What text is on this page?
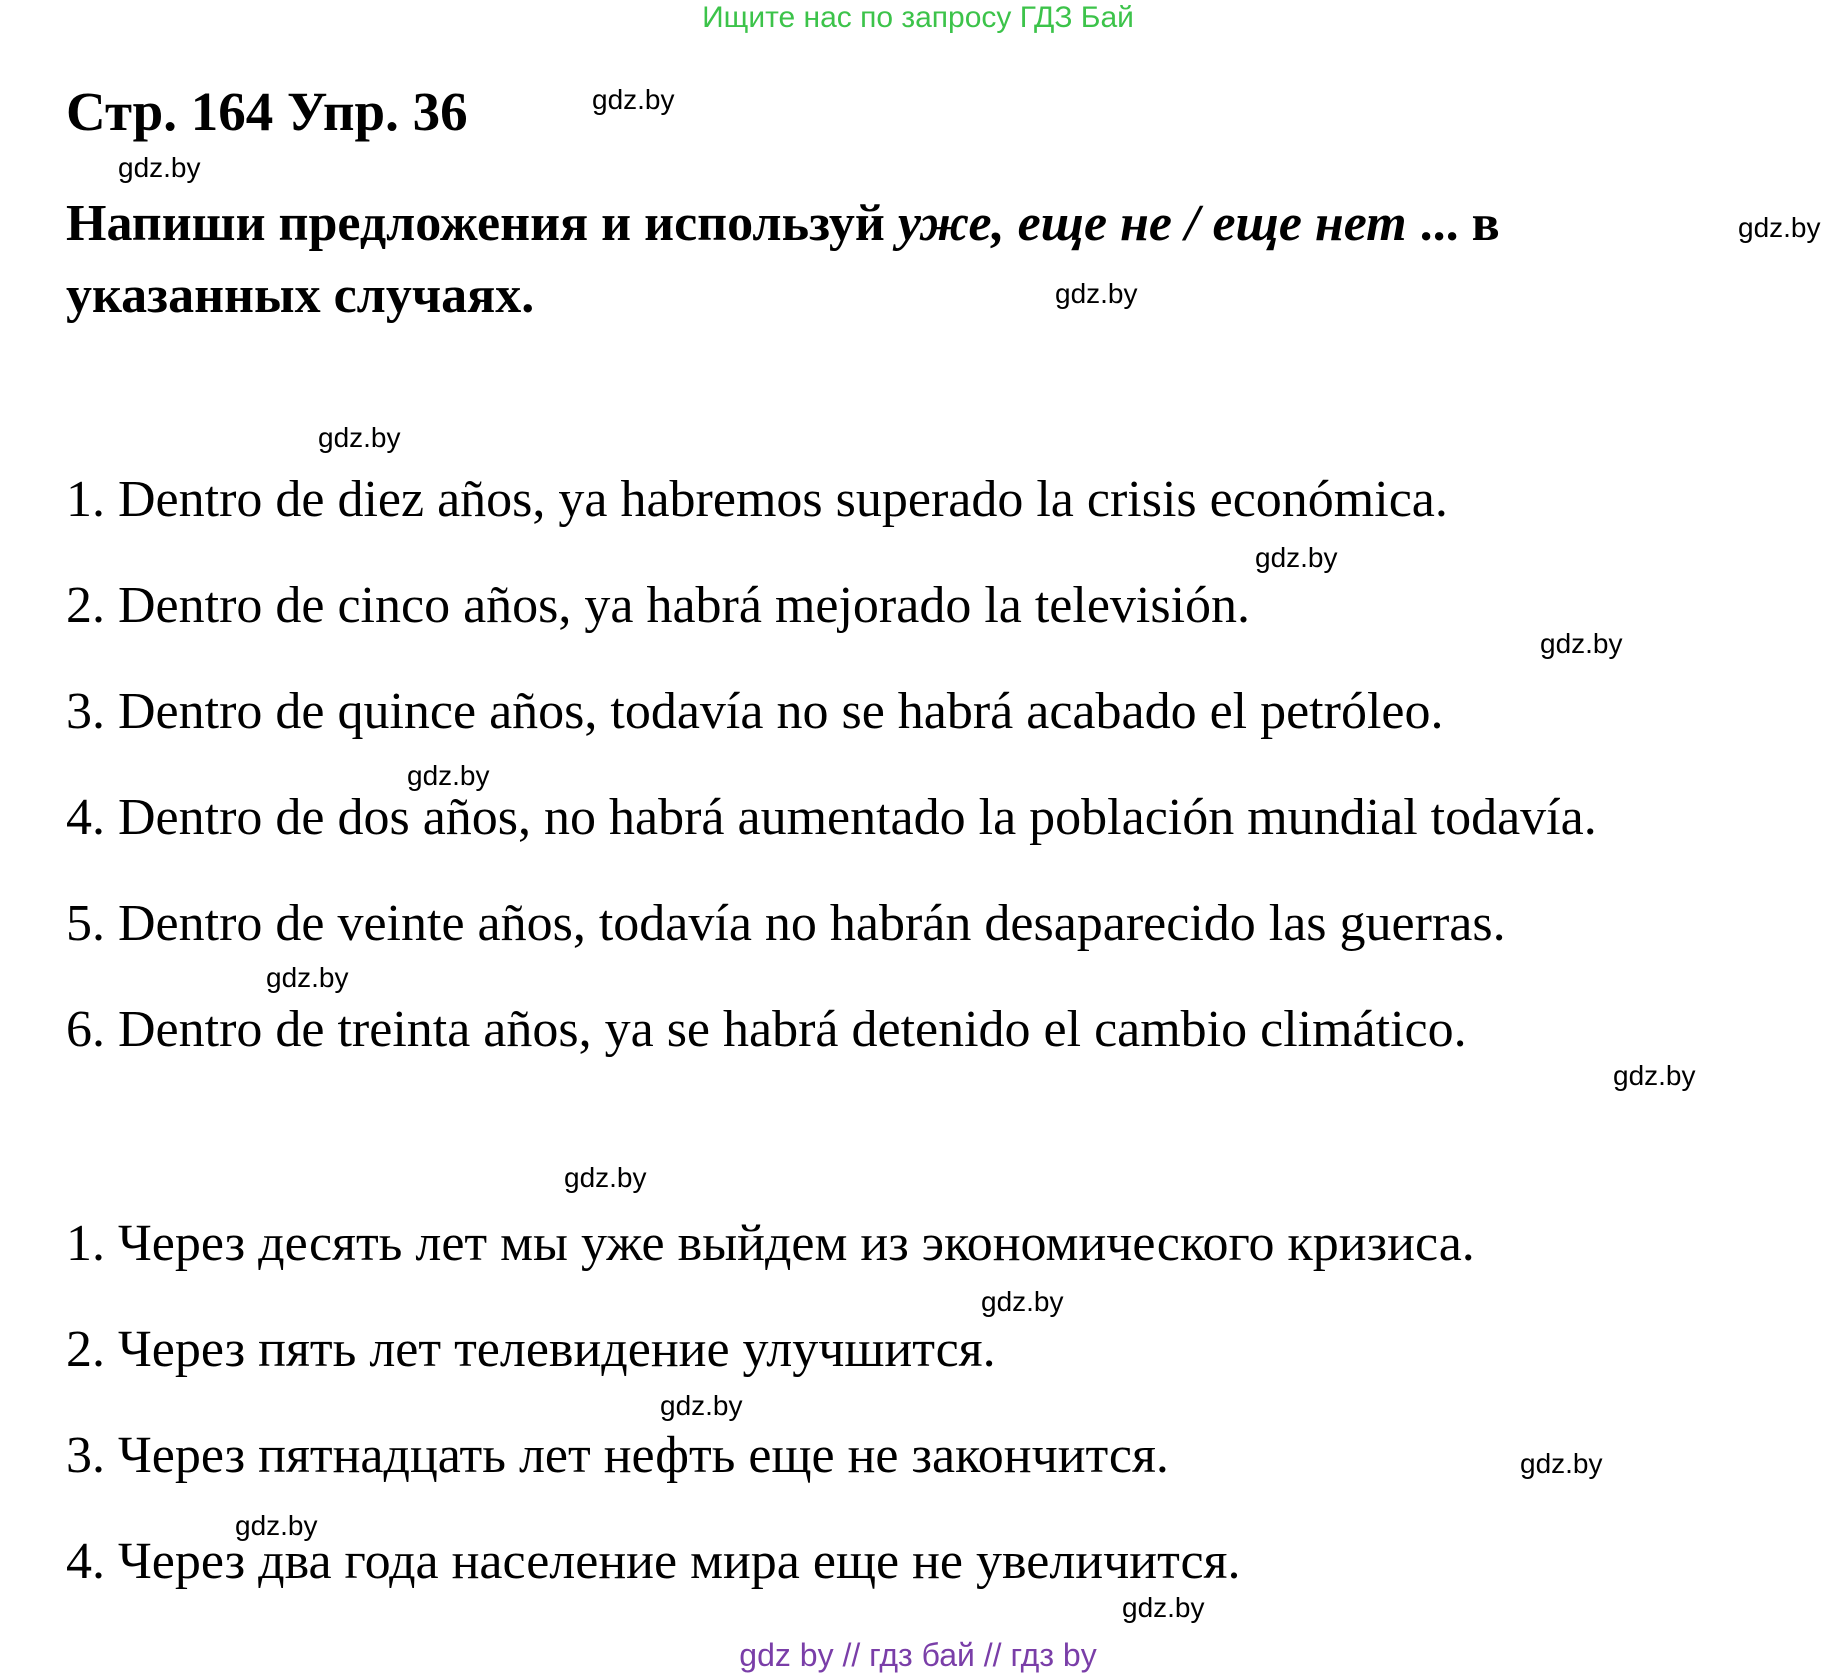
Ищите нас по запросу ГДЗ Бай
Стр. 164 Упр. 36
Напиши предложения и используй уже, еще не / еще нет ... в
указанных случаях.
1. Dentro de diez años, ya habremos superado la crisis económica.
2. Dentro de cinco años, ya habrá mejorado la televisión.
3. Dentro de quince años, todavía no se habrá acabado el petróleo.
4. Dentro de dos años, no habrá aumentado la población mundial todavía.
5. Dentro de veinte años, todavía no habrán desaparecido las guerras.
6. Dentro de treinta años, ya se habrá detenido el cambio climático.
1. Через десять лет мы уже выйдем из экономического кризиса.
2. Через пять лет телевидение улучшится.
3. Через пятнадцать лет нефть еще не закончится.
4. Через два года население мира еще не увеличится.
gdz.by
gdz.by
gdz.by
gdz.by
gdz.by
gdz.by
gdz.by
gdz.by
gdz.by
gdz.by
gdz.by
gdz.by
gdz.by
gdz.by
gdz.by
gdz.by
gdz by // гдз бай // гдз by
